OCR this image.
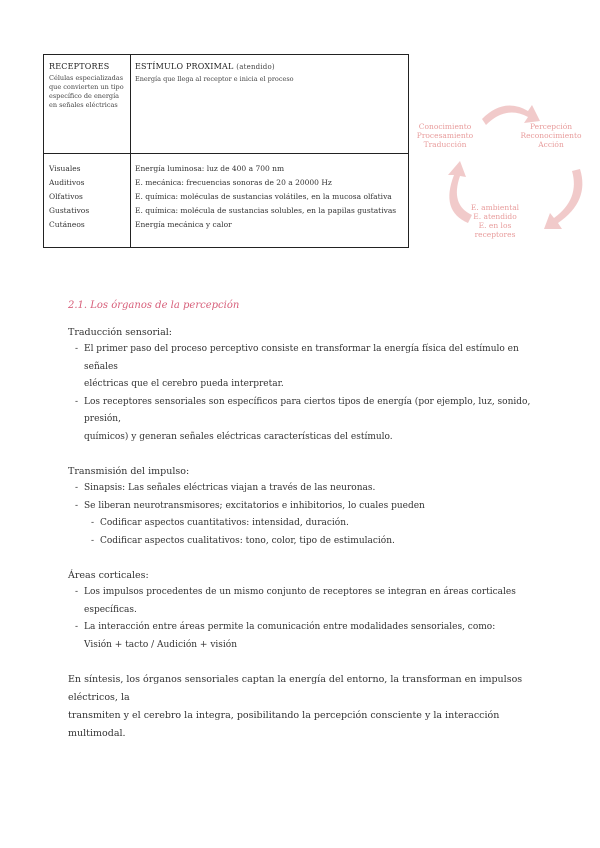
RECEPTORES
Células especializadas que convierten un tipo específico de energía en señales eléctricas
ESTÍMULO PROXIMAL (atendido)
Energía que llega al receptor e inicia el proceso
Visuales
Auditivos
Olfativos
Gustativos
Cutáneos
Energía luminosa: luz de 400 a 700 nm
E. mecánica: frecuencias sonoras de 20 a 20000 Hz
E. química: moléculas de sustancias volátiles, en la mucosa olfativa
E. química: molécula de sustancias solubles, en la papilas gustativas
Energía mecánica y calor
Conocimiento
Procesamiento
Traducción
Percepción
Reconocimiento
Acción
E. ambiental
E. atendido
E. en los
receptores
2.1. Los órganos de la percepción
Traducción sensorial:
- El primer paso del proceso perceptivo consiste en transformar la energía física del estímulo en señales
eléctricas que el cerebro pueda interpretar.
- Los receptores sensoriales son específicos para ciertos tipos de energía (por ejemplo, luz, sonido, presión,
químicos) y generan señales eléctricas características del estímulo.
Transmisión del impulso:
- Sinapsis: Las señales eléctricas viajan a través de las neuronas.
- Se liberan neurotransmisores; excitatorios e inhibitorios, lo cuales pueden
- Codificar aspectos cuantitativos: intensidad, duración.
- Codificar aspectos cualitativos: tono, color, tipo de estimulación.
Áreas corticales:
- Los impulsos procedentes de un mismo conjunto de receptores se integran en áreas corticales específicas.
- La interacción entre áreas permite la comunicación entre modalidades sensoriales, como:
Visión + tacto / Audición + visión
En síntesis, los órganos sensoriales captan la energía del entorno, la transforman en impulsos eléctricos, la
transmiten y el cerebro la integra, posibilitando la percepción consciente y la interacción multimodal.
